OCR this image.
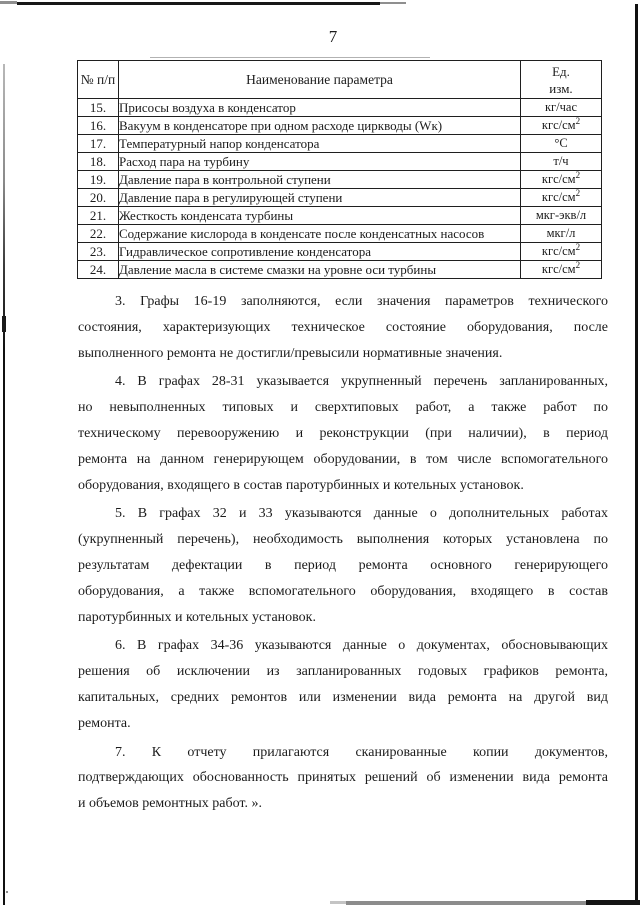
7
№ п/п	Наименование параметра	Ед.
изм.

15.	Присосы воздуха в конденсатор	кг/час
16.	Вакуум в конденсаторе при одном расходе циркводы (Wк)	кгс/$см^2$
17.	Температурный напор конденсатора	°С
18.	Расход пара на турбину	т/ч
19.	Давление пара в контрольной ступени	кгс/$см^2$
20.	Давление пара в регулирующей ступени	кгс/$см^2$
21.	Жесткость конденсата турбины	мкг-экв/л
22.	Содержание кислорода в конденсате после конденсатных насосов	мкг/л
23.	Гидравлическое сопротивление конденсатора	кгс/$см^2$
24.	Давление масла в системе смазки на уровне оси турбины	кгс/$см^2$
3. Графы 16-19 заполняются, если значения параметров технического
состояния, характеризующих техническое состояние оборудования, после
выполненного ремонта не достигли/превысили нормативные значения.
4. В графах 28-31 указывается укрупненный перечень запланированных,
но невыполненных типовых и сверхтиповых работ, а также работ по
техническому перевооружению и реконструкции (при наличии), в период
ремонта на данном генерирующем оборудовании, в том числе вспомогательного
оборудования, входящего в состав паротурбинных и котельных установок.
5. В графах 32 и 33 указываются данные о дополнительных работах
(укрупненный перечень), необходимость выполнения которых установлена по
результатам дефектации в период ремонта основного генерирующего
оборудования, а также вспомогательного оборудования, входящего в состав
паротурбинных и котельных установок.
6. В графах 34-36 указываются данные о документах, обосновывающих
решения об исключении из запланированных годовых графиков ремонта,
капитальных, средних ремонтов или изменении вида ремонта на другой вид
ремонта.
7. К отчету прилагаются сканированные копии документов,
подтверждающих обоснованность принятых решений об изменении вида ремонта
и объемов ремонтных работ. ».
